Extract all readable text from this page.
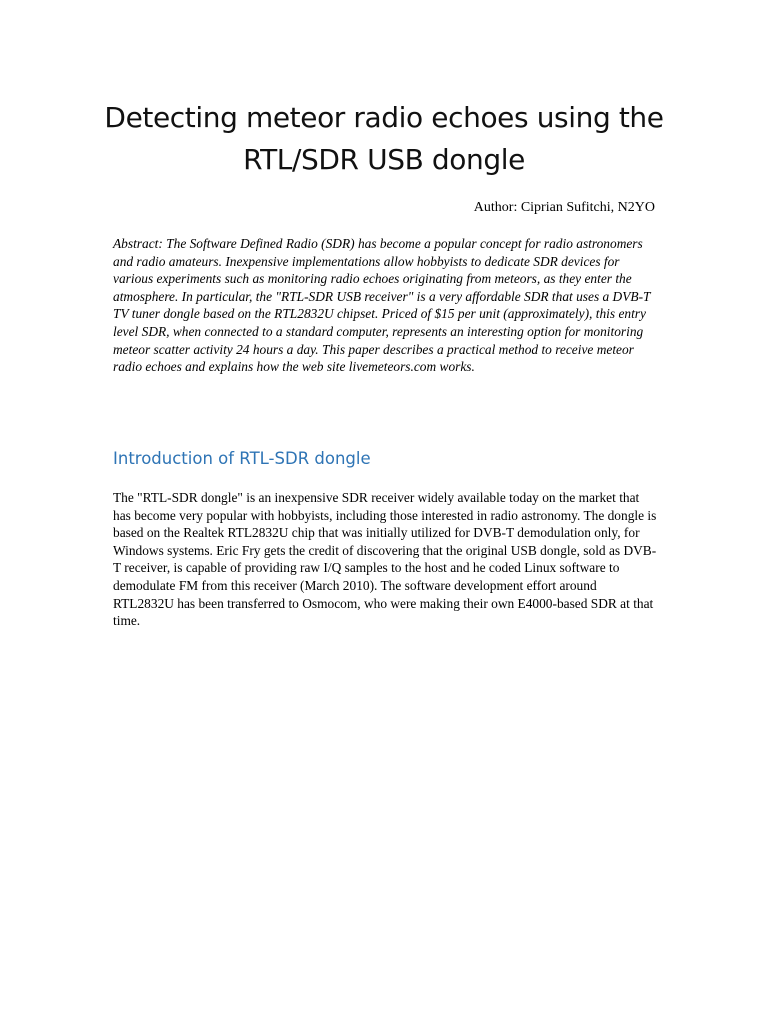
Detecting meteor radio echoes using the RTL/SDR USB dongle

Author: Ciprian Sufitchi, N2YO

Abstract: The Software Defined Radio (SDR) has become a popular concept for radio astronomers and radio amateurs. Inexpensive implementations allow hobbyists to dedicate SDR devices for various experiments such as monitoring radio echoes originating from meteors, as they enter the atmosphere. In particular, the "RTL-SDR USB receiver" is a very affordable SDR that uses a DVB-T TV tuner dongle based on the RTL2832U chipset. Priced of $15 per unit (approximately), this entry level SDR, when connected to a standard computer, represents an interesting option for monitoring meteor scatter activity 24 hours a day. This paper describes a practical method to receive meteor radio echoes and explains how the web site livemeteors.com works.

Introduction of RTL-SDR dongle

The "RTL-SDR dongle" is an inexpensive SDR receiver widely available today on the market that has become very popular with hobbyists, including those interested in radio astronomy. The dongle is based on the Realtek RTL2832U chip that was initially utilized for DVB-T demodulation only, for Windows systems. Eric Fry gets the credit of discovering that the original USB dongle, sold as DVB-T receiver, is capable of providing raw I/Q samples to the host and he coded Linux software to demodulate FM from this receiver (March 2010). The software development effort around RTL2832U has been transferred to Osmocom, who were making their own E4000-based SDR at that time.
